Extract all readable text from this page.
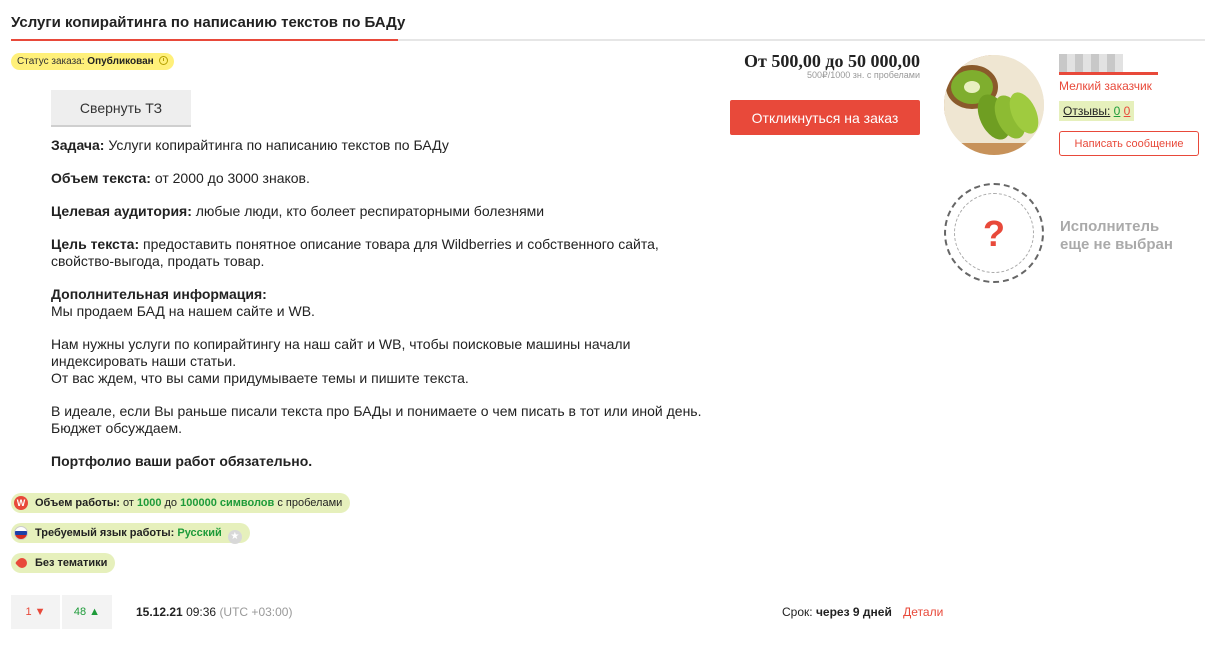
Услуги копирайтинга по написанию текстов по БАДу
Статус заказа: Опубликован
Свернуть ТЗ

Задача: Услуги копирайтинга по написанию текстов по БАДу

Объем текста: от 2000 до 3000 знаков.

Целевая аудитория: любые люди, кто болеет респираторными болезнями

Цель текста: предоставить понятное описание товара для Wildberries и собственного сайта,
свойство-выгода, продать товар.

Дополнительная информация:
Мы продаем БАД на нашем сайте и WB.

Нам нужны услуги по копирайтингу на наш сайт и WB, чтобы поисковые машины начали
индексировать наши статьи.
От вас ждем, что вы сами придумываете темы и пишите текста.

В идеале, если Вы раньше писали текста про БАДы и понимаете о чем писать в тот или иной день.
Бюджет обсуждаем.

Портфолио ваши работ обязательно.

W Объем работы: от 1000 до 100000 символов с пробелами
Требуемый язык работы: Русский ★
Без тематики
1 ▼	48 ▲	15.12.21 09:36 (UTC +03:00)	Срок: через 9 дней Детали
От 500,00 до 50 000,00
500₽/1000 зн. с пробелами
Откликнуться на заказ
Мелкий заказчик
Отзывы: 0 0
Написать сообщение
?	Исполнитель
еще не выбран
